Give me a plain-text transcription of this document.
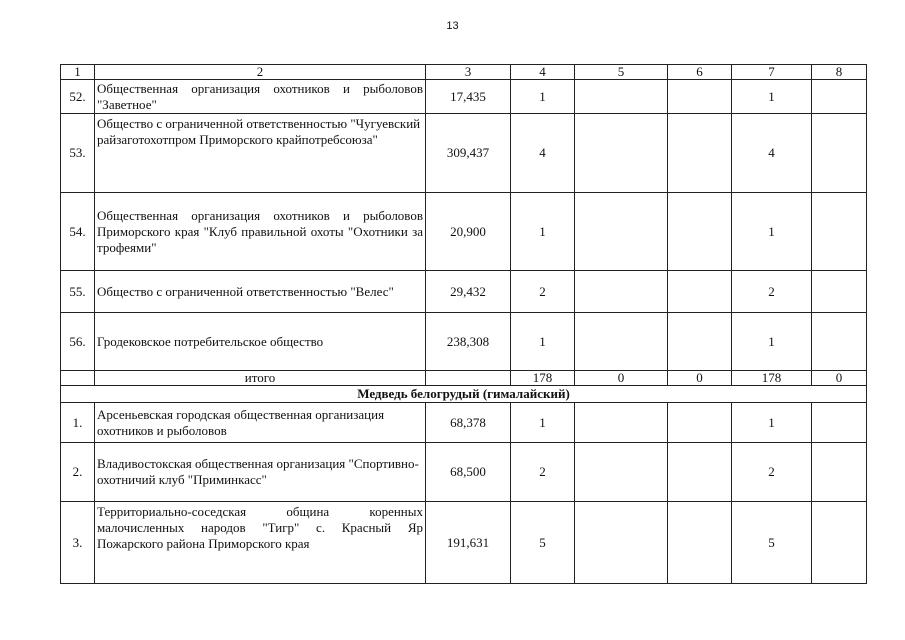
13
1	2	3	4	5	6	7	8
52.	Общественная организация охотников и рыболовов "Заветное"	17,435	1			1	
53.	Общество с ограниченной ответственностью "Чугуевский райзаготохотпром Приморского крайпотребсоюза"	309,437	4			4	
54.	Общественная организация охотников и рыболовов Приморского края "Клуб правильной охоты "Охотники за трофеями"	20,900	1			1	
55.	Общество с ограниченной ответственностью "Велес"	29,432	2			2	
56.	Гродековское потребительское общество	238,308	1			1	
	итого		178	0	0	178	0
Медведь белогрудый (гималайский)							
1.	Арсеньевская городская общественная организация охотников и рыболовов	68,378	1			1	
2.	Владивостокская общественная организация "Спортивно-охотничий клуб "Приминкасс"	68,500	2			2	
3.	Территориально-соседская община коренных малочисленных народов "Тигр" с. Красный Яр Пожарского района Приморского края	191,631	5			5	
